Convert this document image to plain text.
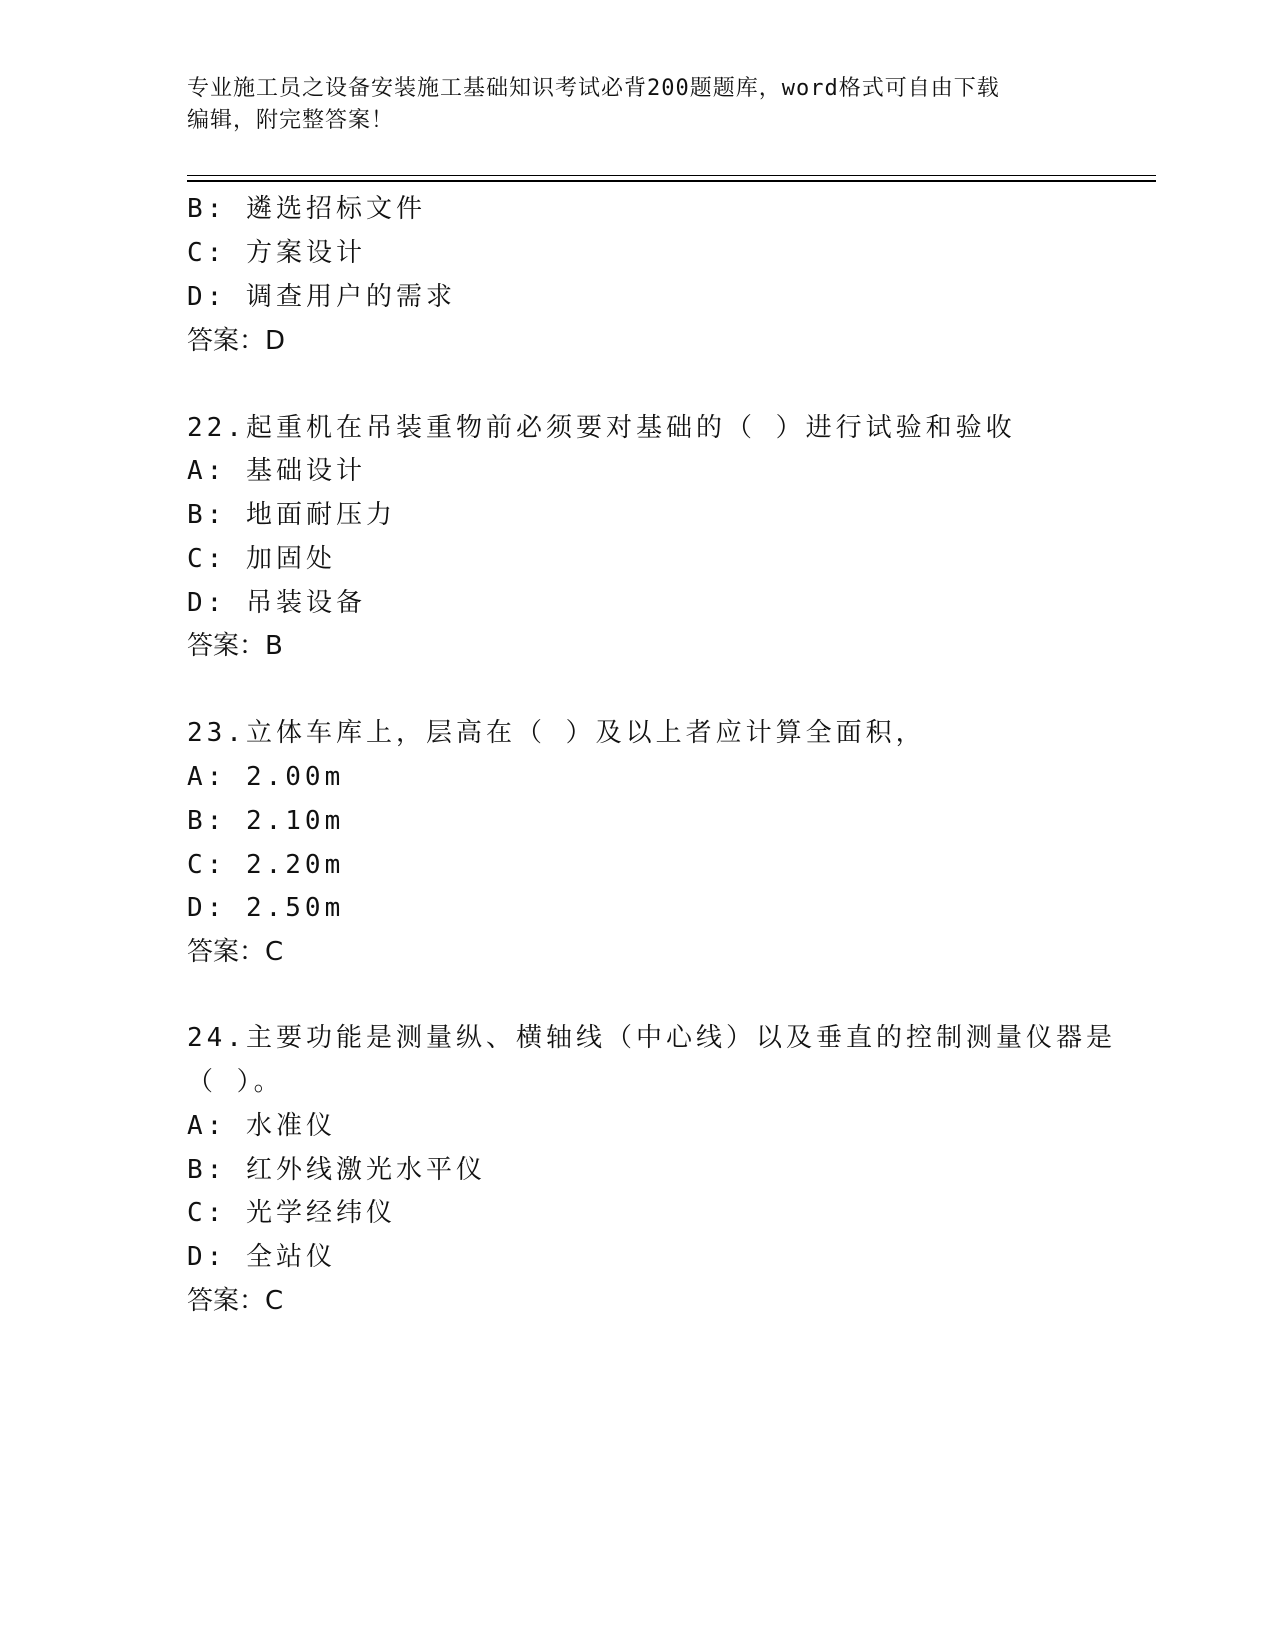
专业施工员之设备安装施工基础知识考试必背200题题库，word格式可自由下载
编辑，附完整答案！
B: 遴选招标文件
C: 方案设计
D: 调查用户的需求
答案：D
22.起重机在吊装重物前必须要对基础的（ ）进行试验和验收
A: 基础设计
B: 地面耐压力
C: 加固处
D: 吊装设备
答案：B
23.立体车库上，层高在（ ）及以上者应计算全面积，
A: 2.00m
B: 2.10m
C: 2.20m
D: 2.50m
答案：C
24.主要功能是测量纵、横轴线（中心线）以及垂直的控制测量仪器是
（ ）。
A: 水准仪
B: 红外线激光水平仪
C: 光学经纬仪
D: 全站仪
答案：C
